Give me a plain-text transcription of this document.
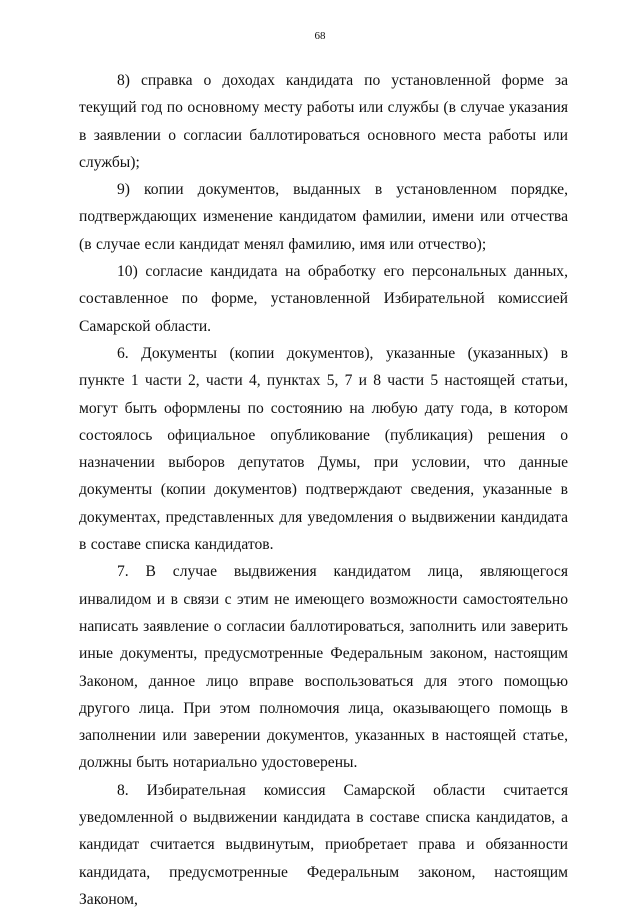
68

8) справка о доходах кандидата по установленной форме за текущий год по основному месту работы или службы (в случае указания в заявлении о согласии баллотироваться основного места работы или службы);

9) копии документов, выданных в установленном порядке, подтверждающих изменение кандидатом фамилии, имени или отчества (в случае если кандидат менял фамилию, имя или отчество);

10) согласие кандидата на обработку его персональных данных, составленное по форме, установленной Избирательной комиссией Самарской области.

6. Документы (копии документов), указанные (указанных) в пункте 1 части 2, части 4, пунктах 5, 7 и 8 части 5 настоящей статьи, могут быть оформлены по состоянию на любую дату года, в котором состоялось официальное опубликование (публикация) решения о назначении выборов депутатов Думы, при условии, что данные документы (копии документов) подтверждают сведения, указанные в документах, представленных для уведомления о выдвижении кандидата в составе списка кандидатов.

7. В случае выдвижения кандидатом лица, являющегося инвалидом и в связи с этим не имеющего возможности самостоятельно написать заявление о согласии баллотироваться, заполнить или заверить иные документы, предусмотренные Федеральным законом, настоящим Законом, данное лицо вправе воспользоваться для этого помощью другого лица. При этом полномочия лица, оказывающего помощь в заполнении или заверении документов, указанных в настоящей статье, должны быть нотариально удостоверены.

8. Избирательная комиссия Самарской области считается уведомленной о выдвижении кандидата в составе списка кандидатов, а кандидат считается выдвинутым, приобретает права и обязанности кандидата, предусмотренные Федеральным законом, настоящим Законом,
